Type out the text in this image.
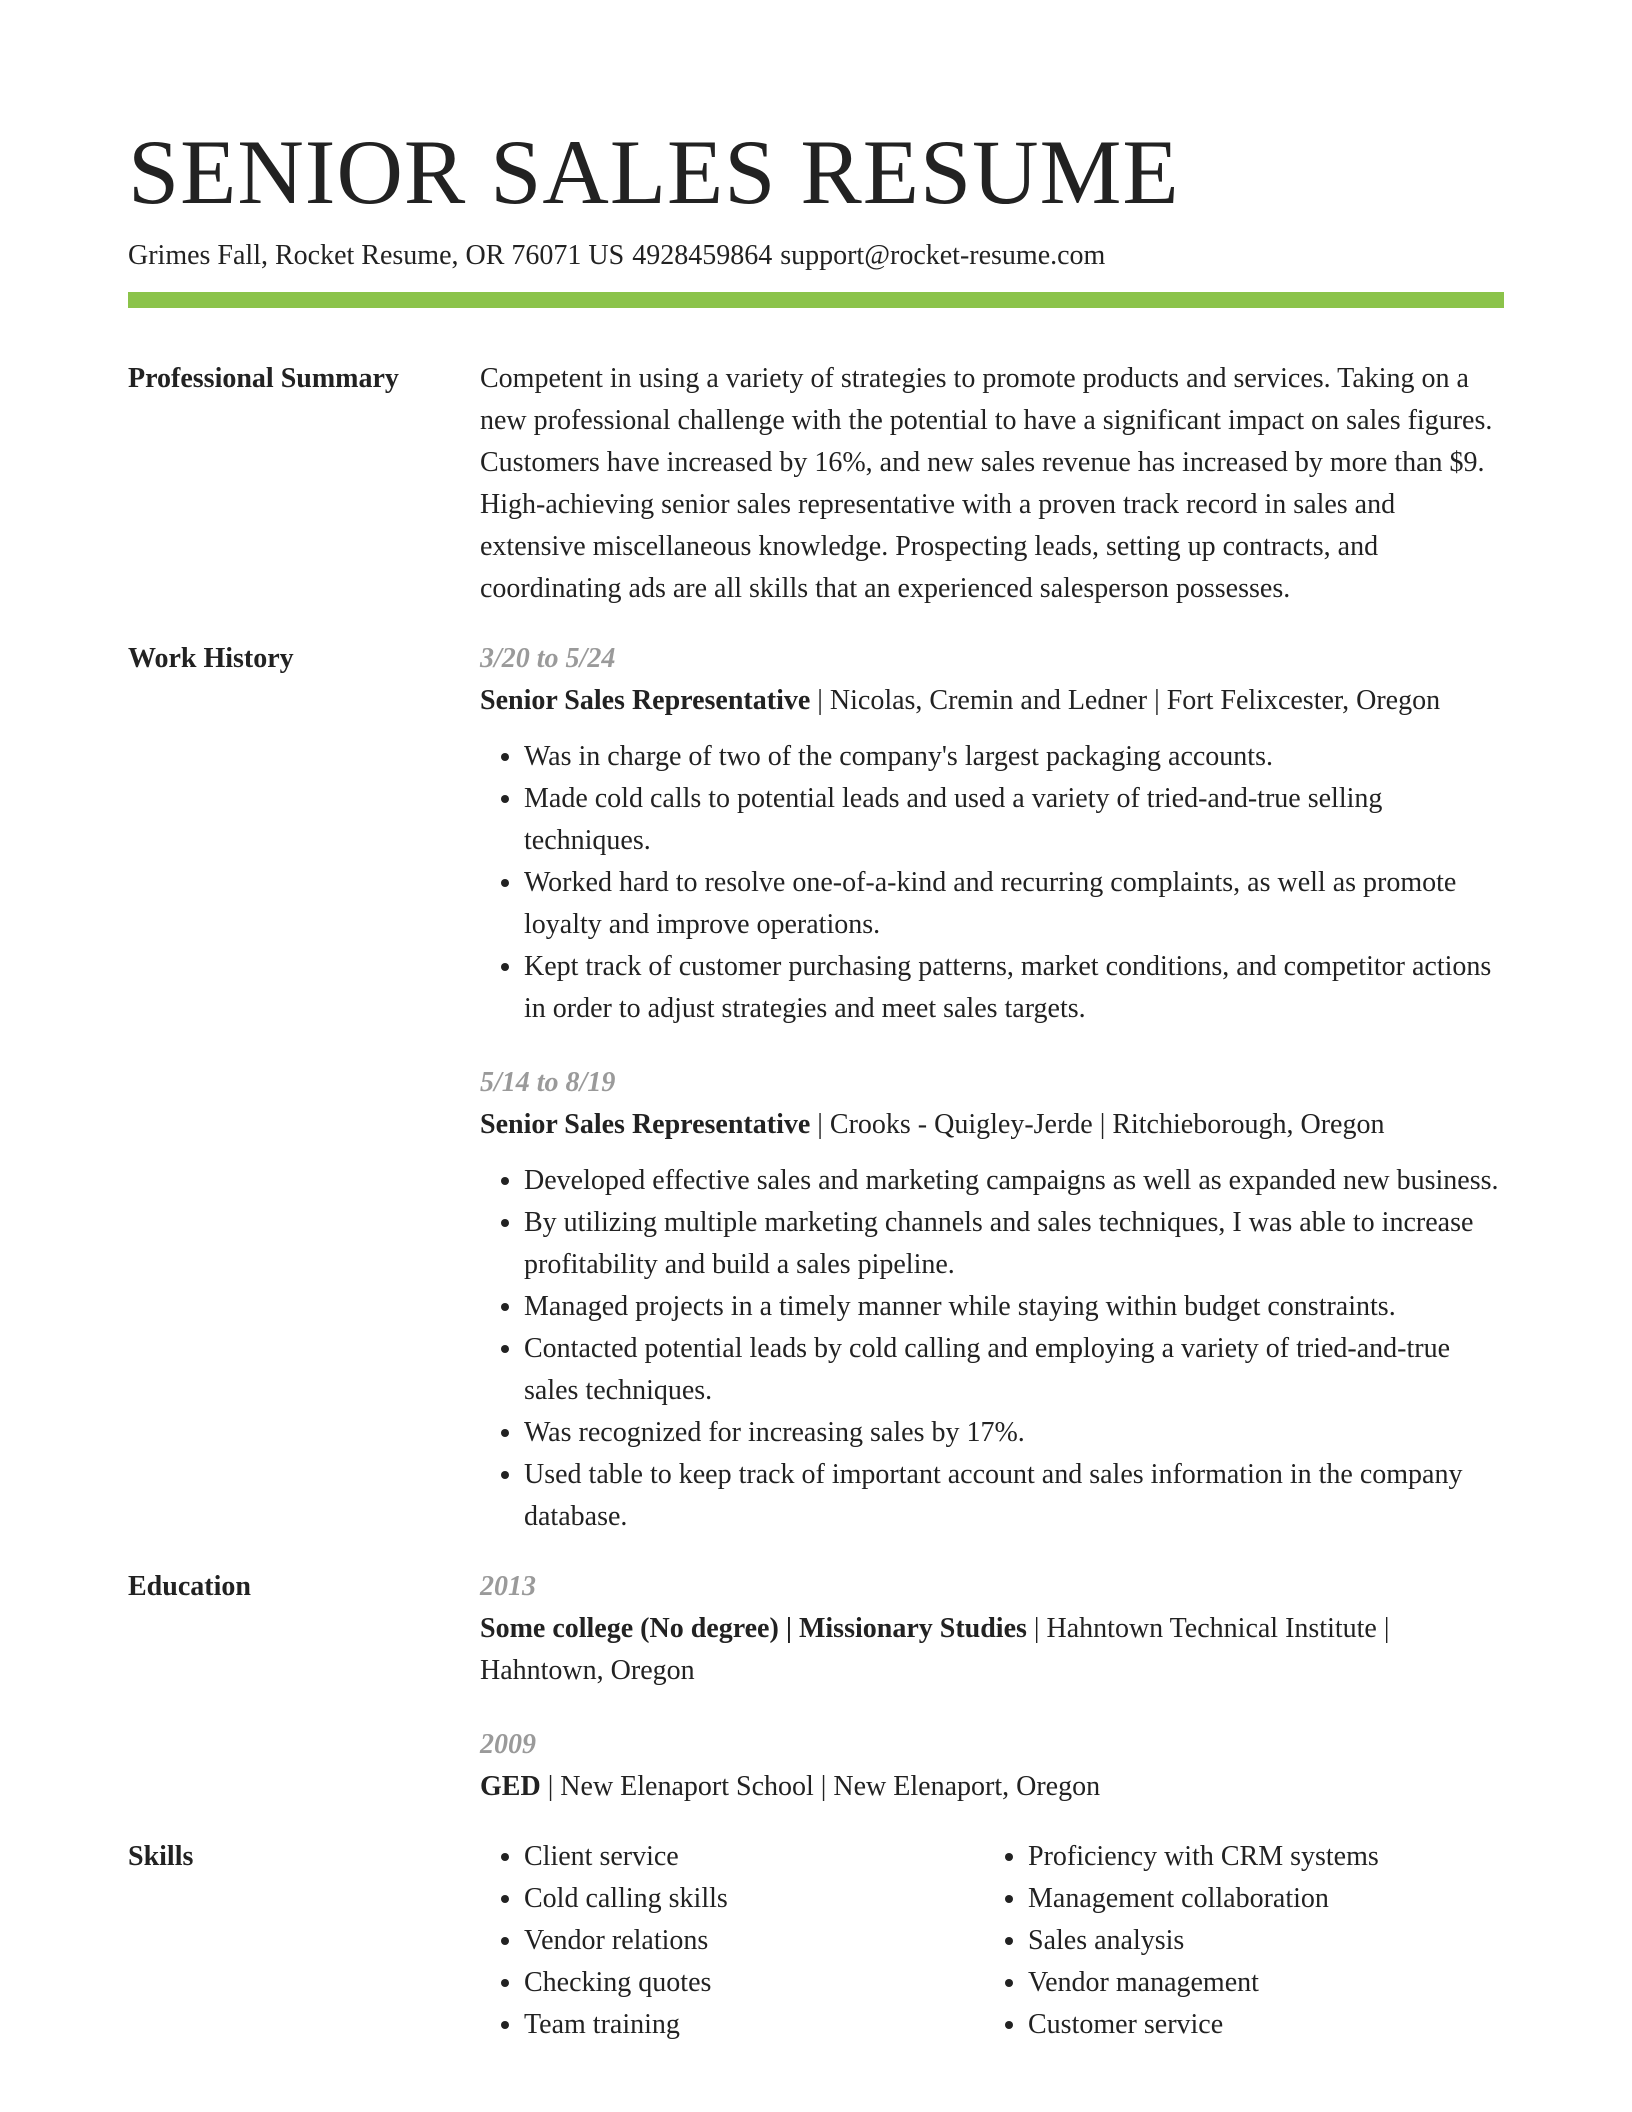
SENIOR SALES RESUME
Grimes Fall, Rocket Resume, OR 76071 US 4928459864 support@rocket-resume.com
Professional Summary	Competent in using a variety of strategies to promote products and services. Taking on a new professional challenge with the potential to have a significant impact on sales figures. Customers have increased by 16%, and new sales revenue has increased by more than $9. High-achieving senior sales representative with a proven track record in sales and extensive miscellaneous knowledge. Prospecting leads, setting up contracts, and coordinating ads are all skills that an experienced salesperson possesses.
Work History	3/20 to 5/24
Senior Sales Representative | Nicolas, Cremin and Ledner | Fort Felixcester, Oregon
• Was in charge of two of the company's largest packaging accounts.
• Made cold calls to potential leads and used a variety of tried-and-true selling techniques.
• Worked hard to resolve one-of-a-kind and recurring complaints, as well as promote loyalty and improve operations.
• Kept track of customer purchasing patterns, market conditions, and competitor actions in order to adjust strategies and meet sales targets.
5/14 to 8/19
Senior Sales Representative | Crooks - Quigley-Jerde | Ritchieborough, Oregon
• Developed effective sales and marketing campaigns as well as expanded new business.
• By utilizing multiple marketing channels and sales techniques, I was able to increase profitability and build a sales pipeline.
• Managed projects in a timely manner while staying within budget constraints.
• Contacted potential leads by cold calling and employing a variety of tried-and-true sales techniques.
• Was recognized for increasing sales by 17%.
• Used table to keep track of important account and sales information in the company database.
Education	2013
Some college (No degree) | Missionary Studies | Hahntown Technical Institute | Hahntown, Oregon
2009
GED | New Elenaport School | New Elenaport, Oregon
Skills
•	Client service
• Cold calling skills
• Vendor relations
• Checking quotes
• Team training
• Proficiency with CRM systems
• Management collaboration
• Sales analysis
• Vendor management
• Customer service
